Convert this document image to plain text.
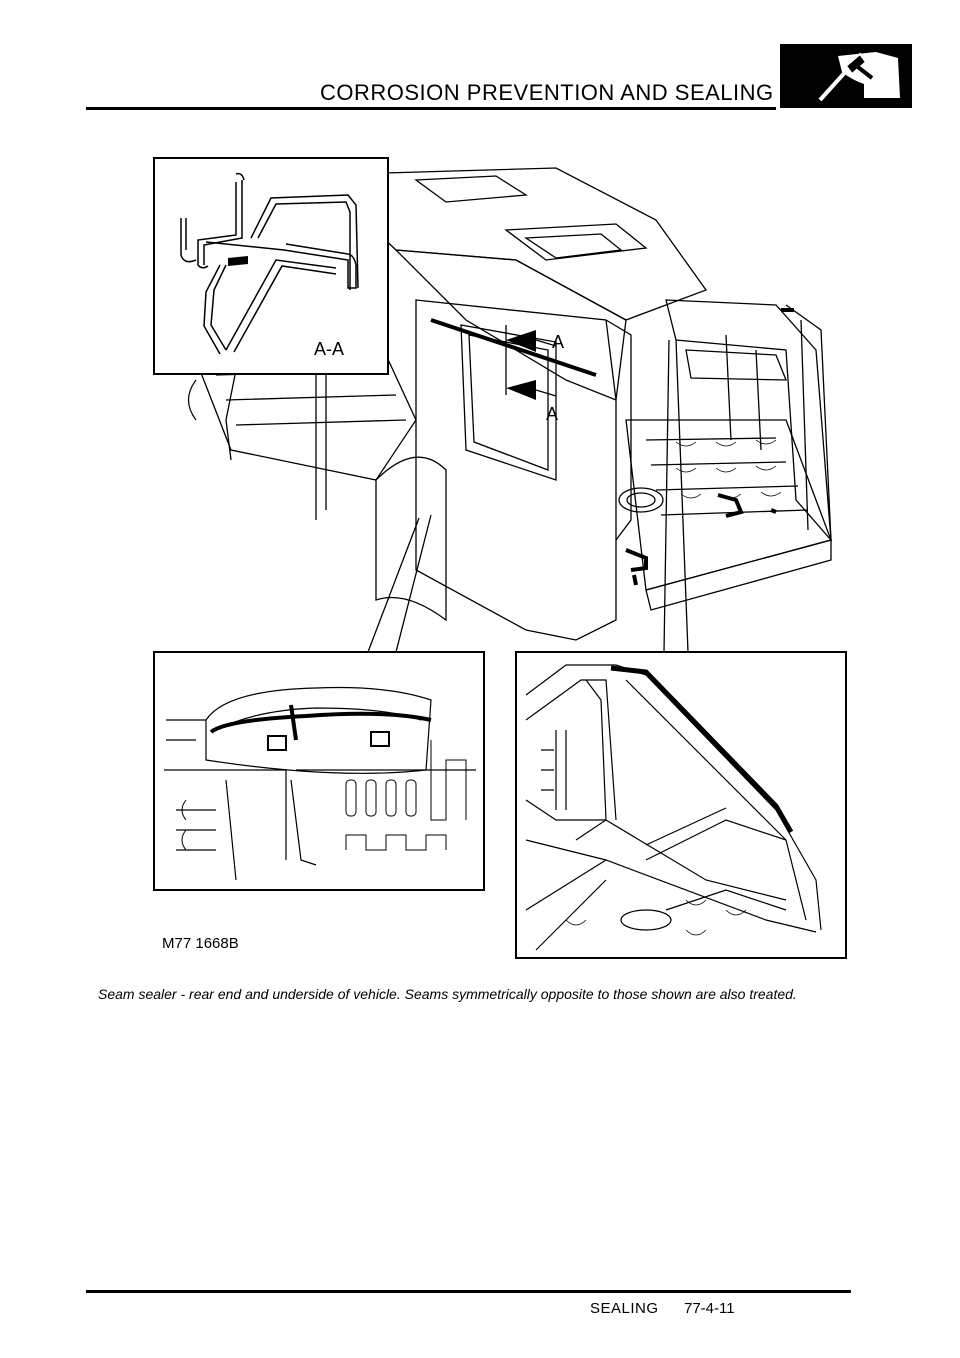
CORROSION PREVENTION AND SEALING
A
A
A-A
M77 1668B
Seam sealer - rear end and underside of vehicle. Seams symmetrically opposite to those shown are also treated.
SEALING 77-4-11
